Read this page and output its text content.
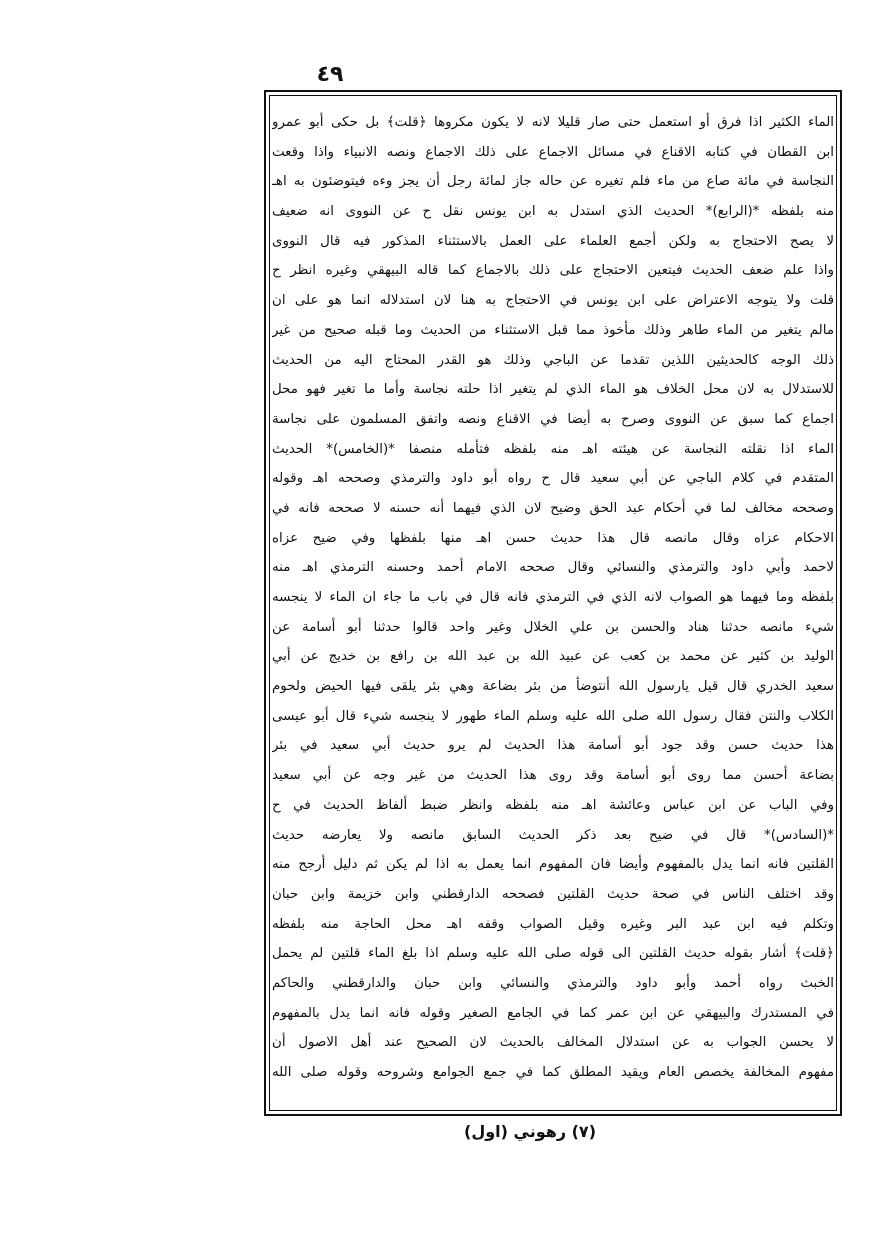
٤٩
الماء الكثير اذا فرق أو استعمل حتى صار قليلا لانه لا يكون مكروها ﴿قلت﴾ بل حكى أبو عمرو
ابن القطان في كتابه الاقناع في مسائل الاجماع على ذلك الاجماع ونصه الانبياء واذا وقعت
النجاسة في مائة صاع من ماء فلم تغيره عن حاله جاز لمائة رجل أن يجز وءه فيتوضئون به اهـ
منه بلفظه *(الرابع)* الحديث الذي استدل به ابن يونس نقل ح عن النووى انه ضعيف
لا يصح الاحتجاج به ولكن أجمع العلماء على العمل بالاستثناء المذكور فيه قال النووى
واذا علم ضعف الحديث فيتعين الاحتجاج على ذلك بالاجماع كما قاله البيهقي وغيره انظر ح
قلت ولا يتوجه الاعتراض على ابن يونس في الاحتجاج به هنا لان استدلاله انما هو على ان
مالم يتغير من الماء طاهر وذلك مأخوذ مما قبل الاستثناء من الحديث وما قبله صحيح من غير
ذلك الوجه كالحديثين اللذين تقدما عن الباجي وذلك هو القدر المحتاج اليه من الحديث
للاستدلال به لان محل الخلاف هو الماء الذي لم يتغير اذا حلته نجاسة وأما ما تغير فهو محل
اجماع كما سبق عن النووى وصرح به أيضا في الاقناع ونصه واتفق المسلمون على نجاسة
الماء اذا نقلته النجاسة عن هيئته اهـ منه بلفظه فتأمله منصفا *(الخامس)* الحديث
المتقدم في كلام الباجي عن أبي سعيد قال ح رواه أبو داود والترمذي وصححه اهـ وقوله
وصححه مخالف لما في أحكام عبد الحق وضيح لان الذي فيهما أنه حسنه لا صححه فانه في
الاحكام عزاه وقال مانصه قال هذا حديث حسن اهـ منها بلفظها وفي ضيح عزاه
لاحمد وأبي داود والترمذي والنسائي وقال صححه الامام أحمد وحسنه الترمذي اهـ منه
بلفظه وما فيهما هو الصواب لانه الذي في الترمذي فانه قال في باب ما جاء ان الماء لا ينجسه
شيء مانصه حدثنا هناد والحسن بن علي الخلال وغير واحد قالوا حدثنا أبو أسامة عن
الوليد بن كثير عن محمد بن كعب عن عبيد الله بن عبد الله بن رافع بن خديج عن أبي
سعيد الخدري قال قيل يارسول الله أنتوضأ من بئر بضاعة وهي بئر يلقى فيها الحيض ولحوم
الكلاب والنتن فقال رسول الله صلى الله عليه وسلم الماء طهور لا ينجسه شيء قال أبو عيسى
هذا حديث حسن وقد جود أبو أسامة هذا الحديث لم يرو حديث أبي سعيد في بئر
بضاعة أحسن مما روى أبو أسامة وقد روى هذا الحديث من غير وجه عن أبي سعيد
وفي الباب عن ابن عباس وعائشة اهـ منه بلفظه وانظر ضبط ألفاظ الحديث في ح
*(السادس)* قال في ضيح بعد ذكر الحديث السابق مانصه ولا يعارضه حديث
القلتين فانه انما يدل بالمفهوم وأيضا فان المفهوم انما يعمل به اذا لم يكن ثم دليل أرجح منه
وقد اختلف الناس في صحة حديث القلتين فصححه الدارقطني وابن خزيمة وابن حبان
وتكلم فيه ابن عبد البر وغيره وقيل الصواب وقفه اهـ محل الحاجة منه بلفظه
﴿قلت﴾ أشار بقوله حديث القلتين الى قوله صلى الله عليه وسلم اذا بلغ الماء قلتين لم يحمل
الخبث رواه أحمد وأبو داود والترمذي والنسائي وابن حبان والدارقطني والحاكم
في المستدرك والبيهقي عن ابن عمر كما في الجامع الصغير وقوله فانه انما يدل بالمفهوم
لا يحسن الجواب به عن استدلال المخالف بالحديث لان الصحيح عند أهل الاصول أن
مفهوم المخالفة يخصص العام ويقيد المطلق كما في جمع الجوامع وشروحه وقوله صلى الله
(٧) رهوني (اول)
